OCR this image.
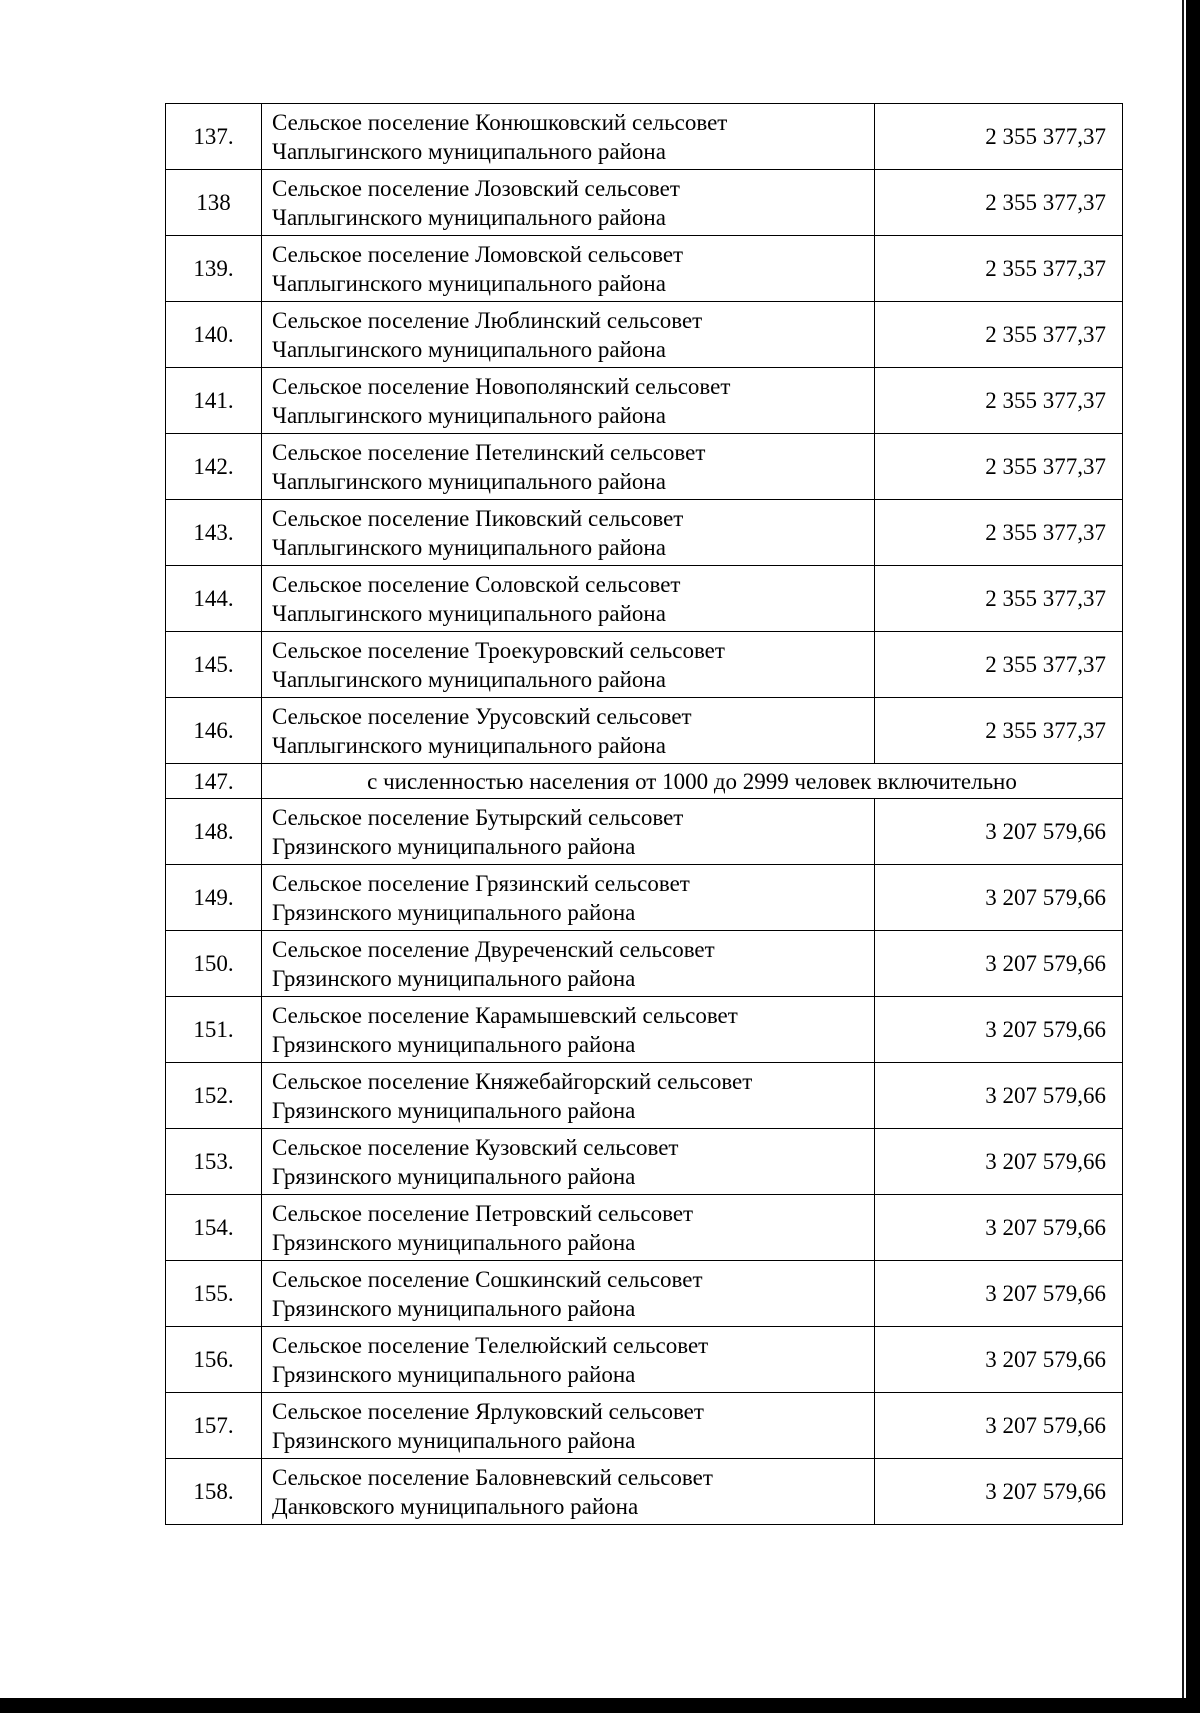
137.	Сельское поселение Конюшковский сельсовет
Чаплыгинского муниципального района	2 355 377,37
138	Сельское поселение Лозовский сельсовет
Чаплыгинского муниципального района	2 355 377,37
139.	Сельское поселение Ломовской сельсовет
Чаплыгинского муниципального района	2 355 377,37
140.	Сельское поселение Люблинский сельсовет
Чаплыгинского муниципального района	2 355 377,37
141.	Сельское поселение Новополянский сельсовет
Чаплыгинского муниципального района	2 355 377,37
142.	Сельское поселение Петелинский сельсовет
Чаплыгинского муниципального района	2 355 377,37
143.	Сельское поселение Пиковский сельсовет
Чаплыгинского муниципального района	2 355 377,37
144.	Сельское поселение Соловской сельсовет
Чаплыгинского муниципального района	2 355 377,37
145.	Сельское поселение Троекуровский сельсовет
Чаплыгинского муниципального района	2 355 377,37
146.	Сельское поселение Урусовский сельсовет
Чаплыгинского муниципального района	2 355 377,37
147.	с численностью населения от 1000 до 2999 человек включительно	
148.	Сельское поселение Бутырский сельсовет
Грязинского муниципального района	3 207 579,66
149.	Сельское поселение Грязинский сельсовет
Грязинского муниципального района	3 207 579,66
150.	Сельское поселение Двуреченский сельсовет
Грязинского муниципального района	3 207 579,66
151.	Сельское поселение Карамышевский сельсовет
Грязинского муниципального района	3 207 579,66
152.	Сельское поселение Княжебайгорский сельсовет
Грязинского муниципального района	3 207 579,66
153.	Сельское поселение Кузовский сельсовет
Грязинского муниципального района	3 207 579,66
154.	Сельское поселение Петровский сельсовет
Грязинского муниципального района	3 207 579,66
155.	Сельское поселение Сошкинский сельсовет
Грязинского муниципального района	3 207 579,66
156.	Сельское поселение Телелюйский сельсовет
Грязинского муниципального района	3 207 579,66
157.	Сельское поселение Ярлуковский сельсовет
Грязинского муниципального района	3 207 579,66
158.	Сельское поселение Баловневский сельсовет
Данковского муниципального района	3 207 579,66
